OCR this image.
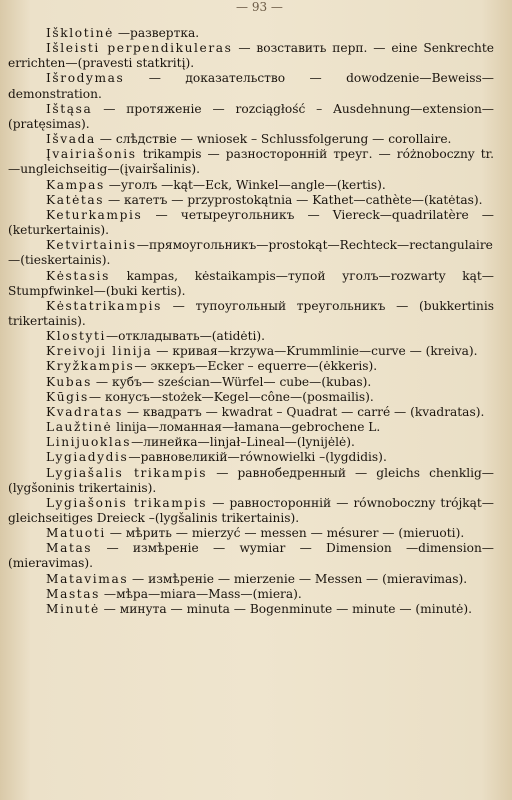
— 93 —

Išklotinė —развертка.

Išleisti perpendikuleras — возставить перп. — eine Senkrechte errichten—(pravesti statkritį).

Išrodymas — доказательство — dowodzenie—Beweiss— demonstration.

Ištąsa — протяженіе — rozciągłość – Ausdehnung—extension—(pratęsimas).

Išvada — слѣдствіе — wniosek – Schlussfolgerung — corollaire.

Įvairiašonis trikampis — разносторонній треуг. — różnoboczny tr. —ungleichseitig—(įvairšalinis).

Kampas —уголъ —kąt—Eck, Winkel—angle—(kertis).

Katėtas — катетъ — przyprostokątnia — Kathet—cathète—(katėtas).

Keturkampis — четыреугольникъ — Viereck—quadrilatère —(keturkertainis).

Ketvirtainis—прямоугольникъ—prostokąt—Rechteck—rectangulaire—(tieskertainis).

Kėstasis kampas, kėstaikampis—тупой уголъ—rozwarty kąt—Stumpfwinkel—(buki kertis).

Kėstatrikampis — тупоугольный треугольникъ — (bukkertinis trikertainis).

Klostyti—откладывать—(atidėti).

Kreivoji linija — кривая—krzywa—Krummlinie—curve — (kreiva).

Kryžkampis— эккеръ—Ecker – equerre—(ėkkeris).

Kubas — кубъ— sześcian—Würfel— cube—(kubas).

Kūgis— конусъ—stożek—Kegel—cône—(posmailis).

Kvadratas — квадратъ — kwadrat – Quadrat — carré — (kvadratas).

Laužtinė linija—ломанная—łamana—gebrochene L.

Linijuoklas—линейка—linjał–Lineal—(lynijėlė).

Lygiadydis—равновеликій—równowielki –(lygdidis).

Lygiašalis trikampis — равнобедренный — gleichs chenklig— (lygšoninis trikertainis).

Lygiašonis trikampis — равносторонній — równoboczny trójkąt—gleichseitiges Dreieck –(lygšalinis trikertainis).

Matuoti — мѣрить — mierzyć — messen — mésurer — (mieruoti).

Matas — измѣреніе — wymiar — Dimension —dimension—(mieravimas).

Matavimas — измѣреніе — mierzenie — Messen — (mieravimas).

Mastas —мѣра—miara—Mass—(miera).

Minutė — минута — minuta — Bogenminute — minute — (minutė).
